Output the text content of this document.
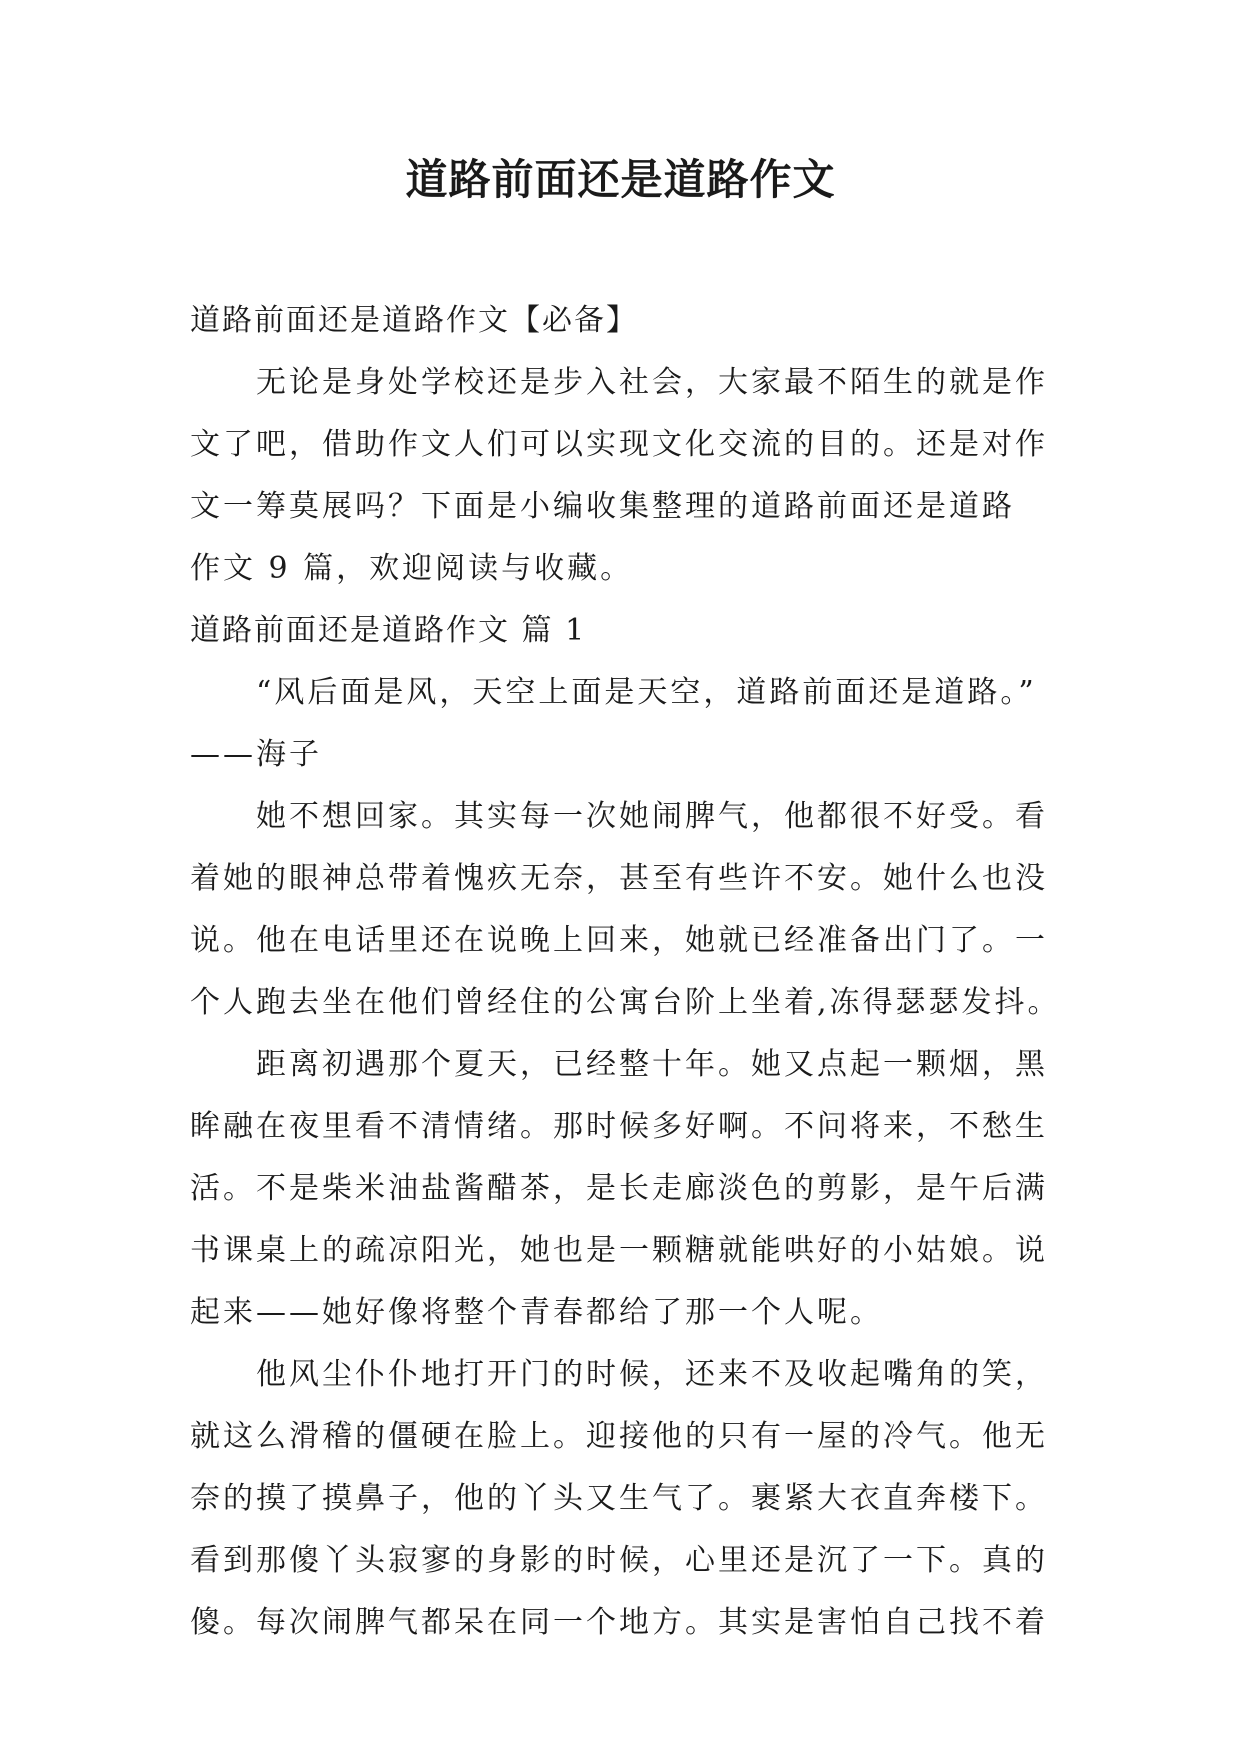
道路前面还是道路作文
道路前面还是道路作文【必备】
无论是身处学校还是步入社会，大家最不陌生的就是作
文了吧，借助作文人们可以实现文化交流的目的。还是对作
文一筹莫展吗？下面是小编收集整理的道路前面还是道路
作文 9 篇，欢迎阅读与收藏。
道路前面还是道路作文 篇 1
“风后面是风，天空上面是天空，道路前面还是道路。”
——海子
她不想回家。其实每一次她闹脾气，他都很不好受。看
着她的眼神总带着愧疚无奈，甚至有些许不安。她什么也没
说。他在电话里还在说晚上回来，她就已经准备出门了。一
个人跑去坐在他们曾经住的公寓台阶上坐着,冻得瑟瑟发抖。
距离初遇那个夏天，已经整十年。她又点起一颗烟，黑
眸融在夜里看不清情绪。那时候多好啊。不问将来，不愁生
活。不是柴米油盐酱醋茶，是长走廊淡色的剪影，是午后满
书课桌上的疏凉阳光，她也是一颗糖就能哄好的小姑娘。说
起来——她好像将整个青春都给了那一个人呢。
他风尘仆仆地打开门的时候，还来不及收起嘴角的笑，
就这么滑稽的僵硬在脸上。迎接他的只有一屋的冷气。他无
奈的摸了摸鼻子，他的丫头又生气了。裹紧大衣直奔楼下。
看到那傻丫头寂寥的身影的时候，心里还是沉了一下。真的
傻。每次闹脾气都呆在同一个地方。其实是害怕自己找不着
